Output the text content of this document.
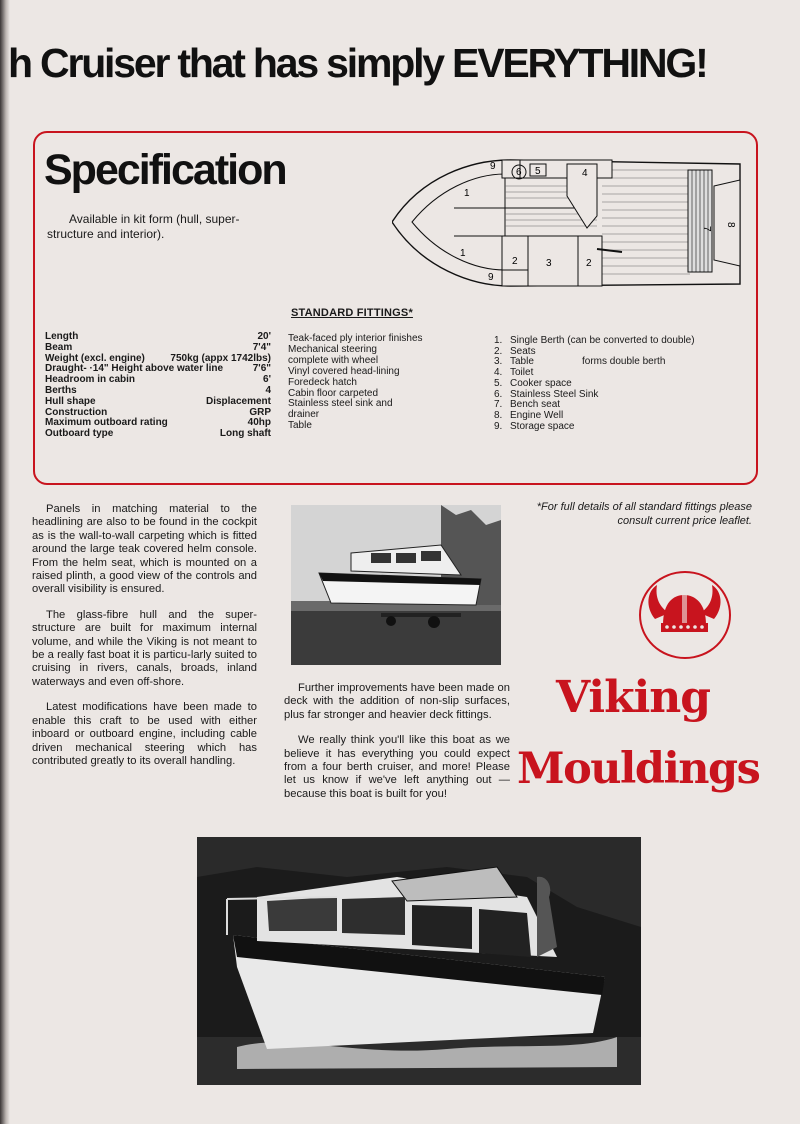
h Cruiser that has simply EVERYTHING!
Specification
Available in kit form (hull, super-structure and interior).
1
1
9
9
6 5	4
2	3	2
7
8
STANDARD FITTINGS*
Length	20'
Beam	7'4"
Weight (excl. engine)	750kg (appx 1742lbs)
Draught- ·14" Height above water line	7'6"
Headroom in cabin	6'
Berths	4
Hull shape	Displacement
Construction	GRP
Maximum outboard rating	40hp
Outboard type	Long shaft
Teak-faced ply interior finishes
Mechanical steering
complete with wheel
Vinyl covered head-lining
Foredeck hatch
Cabin floor carpeted
Stainless steel sink and
drainer
Table
1. Single Berth (can be converted to double)
2. Seats
3. Table	forms double berth
4. Toilet
5. Cooker space
6. Stainless Steel Sink
7. Bench seat
8. Engine Well
9. Storage space
*For full details of all standard fittings please consult current price leaflet.

Panels in matching material to the headlining are also to be found in the cockpit as is the wall-to-wall carpeting which is fitted around the large teak covered helm console. From the helm seat, which is mounted on a raised plinth, a good view of the controls and overall visibility is ensured.

The glass-fibre hull and the super-structure are built for maximum internal volume, and while the Viking is not meant to be a really fast boat it is particu-larly suited to cruising in rivers, canals, broads, inland waterways and even off-shore.

Latest modifications have been made to enable this craft to be used with either inboard or outboard engine, including cable driven mechanical steering which has contributed greatly to its overall handling.

Further improvements have been made on deck with the addition of non-slip surfaces, plus far stronger and heavier deck fittings.

We really think you'll like this boat as we believe it has everything you could expect from a four berth cruiser, and more! Please let us know if we've left anything out — because this boat is built for you!

Viking
Mouldings
